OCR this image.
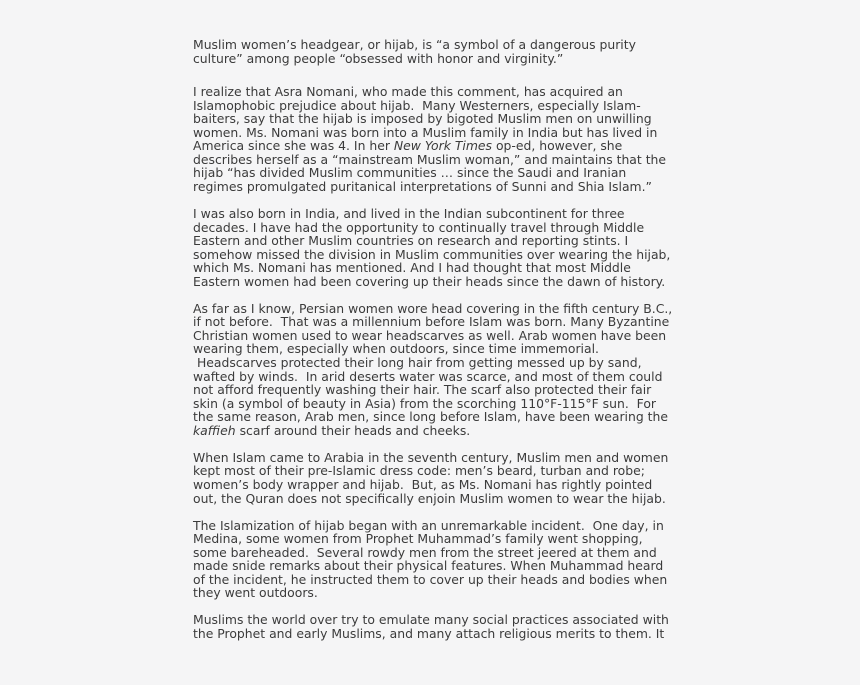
Muslim women’s headgear, or hijab, is “a symbol of a dangerous purity
culture” among people “obsessed with honor and virginity.”
I realize that Asra Nomani, who made this comment, has acquired an
Islamophobic prejudice about hijab.  Many Westerners, especially Islam-
baiters, say that the hijab is imposed by bigoted Muslim men on unwilling
women. Ms. Nomani was born into a Muslim family in India but has lived in
America since she was 4. In her New York Times op-ed, however, she
describes herself as a “mainstream Muslim woman,” and maintains that the
hijab “has divided Muslim communities … since the Saudi and Iranian
regimes promulgated puritanical interpretations of Sunni and Shia Islam.”
I was also born in India, and lived in the Indian subcontinent for three
decades. I have had the opportunity to continually travel through Middle
Eastern and other Muslim countries on research and reporting stints. I
somehow missed the division in Muslim communities over wearing the hijab,
which Ms. Nomani has mentioned. And I had thought that most Middle
Eastern women had been covering up their heads since the dawn of history.
As far as I know, Persian women wore head covering in the fifth century B.C.,
if not before.  That was a millennium before Islam was born. Many Byzantine
Christian women used to wear headscarves as well. Arab women have been
wearing them, especially when outdoors, since time immemorial.
Headscarves protected their long hair from getting messed up by sand,
wafted by winds.  In arid deserts water was scarce, and most of them could
not afford frequently washing their hair. The scarf also protected their fair
skin (a symbol of beauty in Asia) from the scorching 110°F-115°F sun.  For
the same reason, Arab men, since long before Islam, have been wearing the
kaffieh scarf around their heads and cheeks.
When Islam came to Arabia in the seventh century, Muslim men and women
kept most of their pre-Islamic dress code: men’s beard, turban and robe;
women’s body wrapper and hijab.  But, as Ms. Nomani has rightly pointed
out, the Quran does not specifically enjoin Muslim women to wear the hijab.
The Islamization of hijab began with an unremarkable incident.  One day, in
Medina, some women from Prophet Muhammad’s family went shopping,
some bareheaded.  Several rowdy men from the street jeered at them and
made snide remarks about their physical features. When Muhammad heard
of the incident, he instructed them to cover up their heads and bodies when
they went outdoors.
Muslims the world over try to emulate many social practices associated with
the Prophet and early Muslims, and many attach religious merits to them. It
